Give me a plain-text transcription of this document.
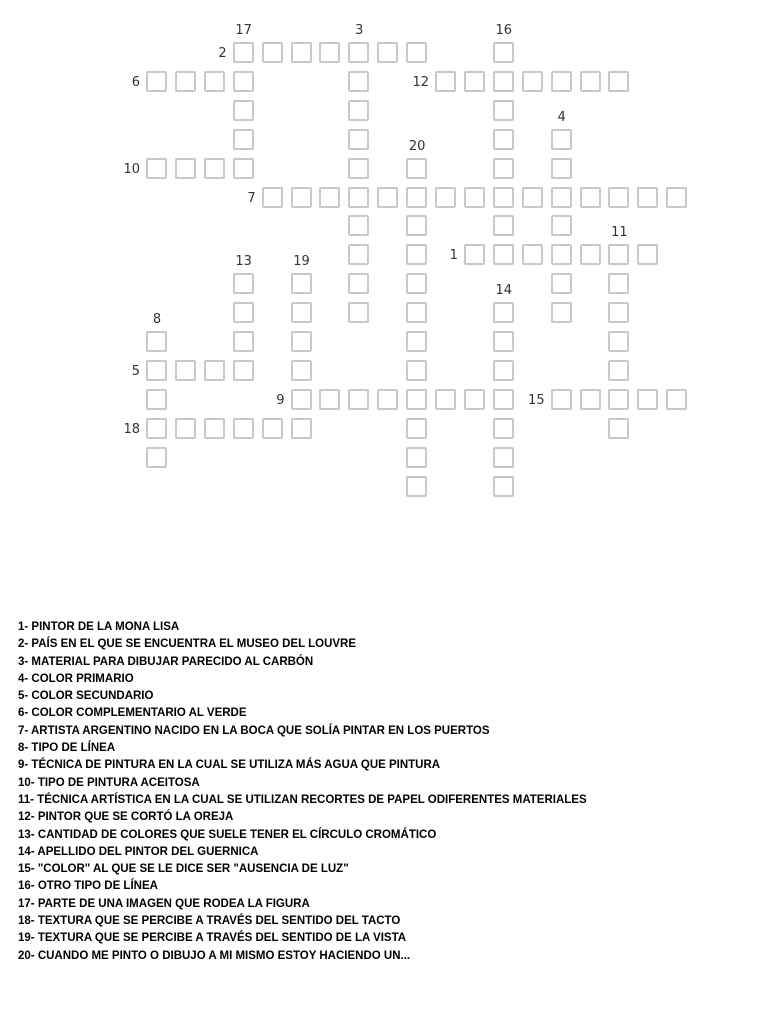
1
2
3
4
5
6
7
8
9
10
11
12
13
14
15
16
17
18
19
20
1- PINTOR DE LA MONA LISA
2- PAÍS EN EL QUE SE ENCUENTRA EL MUSEO DEL LOUVRE
3- MATERIAL PARA DIBUJAR PARECIDO AL CARBÓN
4- COLOR PRIMARIO
5- COLOR SECUNDARIO
6- COLOR COMPLEMENTARIO AL VERDE
7- ARTISTA ARGENTINO NACIDO EN LA BOCA QUE SOLÍA PINTAR EN LOS PUERTOS
8- TIPO DE LÍNEA
9- TÉCNICA DE PINTURA EN LA CUAL SE UTILIZA MÁS AGUA QUE PINTURA
10- TIPO DE PINTURA ACEITOSA
11- TÉCNICA ARTÍSTICA EN LA CUAL SE UTILIZAN RECORTES DE PAPEL ODIFERENTES MATERIALES
12- PINTOR QUE SE CORTÓ LA OREJA
13- CANTIDAD DE COLORES QUE SUELE TENER EL CÍRCULO CROMÁTICO
14- APELLIDO DEL PINTOR DEL GUERNICA
15- "COLOR" AL QUE SE LE DICE SER "AUSENCIA DE LUZ"
16- OTRO TIPO DE LÍNEA
17- PARTE DE UNA IMAGEN QUE RODEA LA FIGURA
18- TEXTURA QUE SE PERCIBE A TRAVÉS DEL SENTIDO DEL TACTO
19- TEXTURA QUE SE PERCIBE A TRAVÉS DEL SENTIDO DE LA VISTA
20- CUANDO ME PINTO O DIBUJO A MI MISMO ESTOY HACIENDO UN...
